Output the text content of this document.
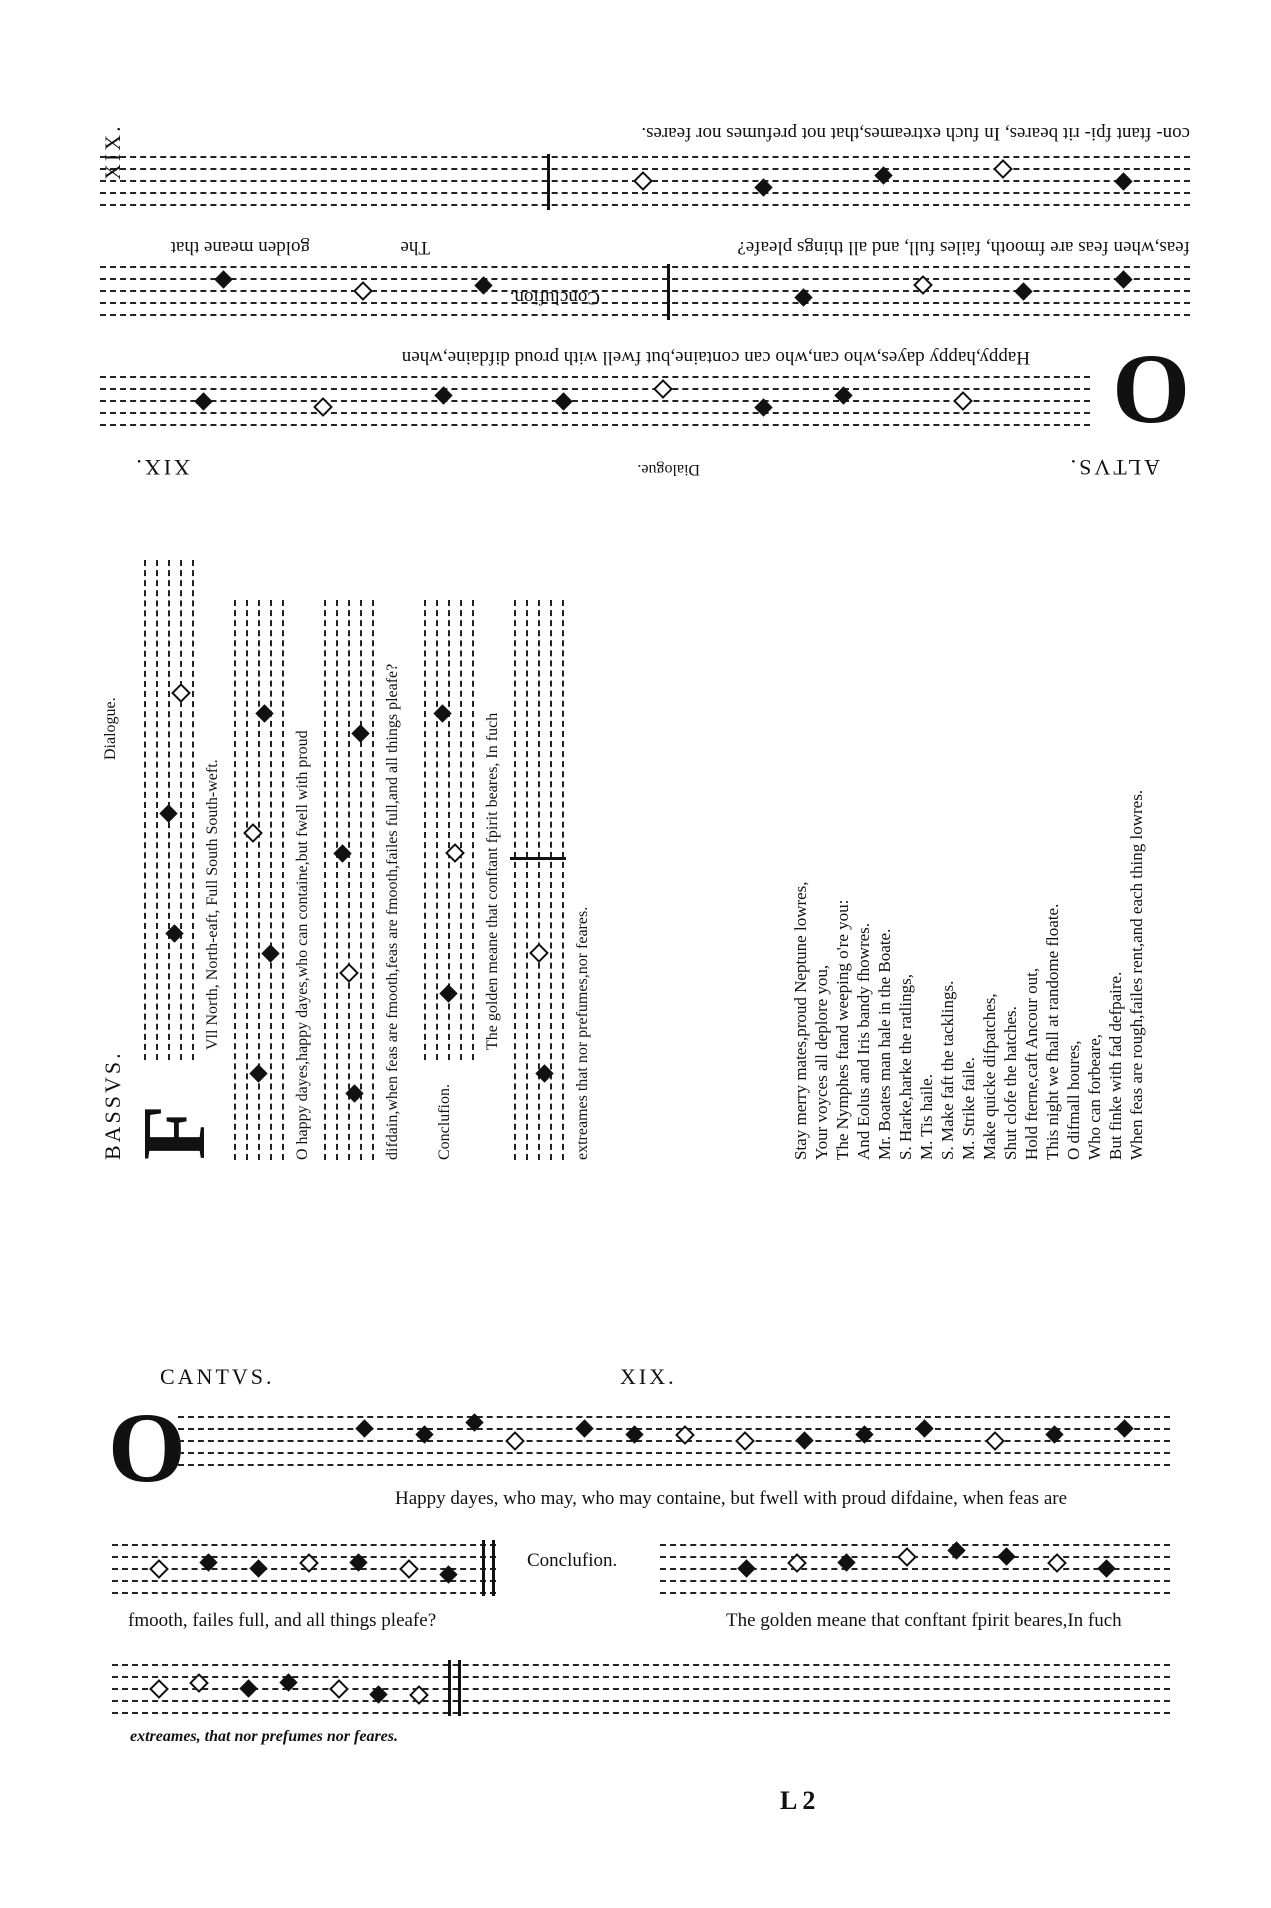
ALTVS.
Dialogue.
XIX.
O
Happy,happy dayes,who can,who can containe,but fwell with proud difdaine,when
feas,when feas are fmooth, failes full, and all things pleafe?
Conclufion.
The
golden meane that
con- ftant fpi- rit beares, In fuch extreames,that not prefumes nor feares.
BASSVS.
Dialogue.
XIX.
F
Vll North, North-eaft, Full South South-weft.	O happy dayes,happy dayes,who can containe,but fwell with proud	difdain,when feas are fmooth,feas are fmooth,failes full,and all things pleafe? Conclufion.
The golden meane that conftant fpirit beares, In fuch	extreames that nor prefumes,nor feares.	Stay merry mates,proud Neptune lowres, Your voyces all deplore you, The Nymphes ftand weeping o're you: And Eolus and Iris bandy fhowres. Mr. Boates man hale in the Boate. S. Harke,harke the ratlings, M. Tis haile. S. Make faft the tacklings. M. Strike faile. Make quicke difpatches, Shut clofe the hatches. Hold fterne,caft Ancour out, This night we fhall at randome floate. O difmall houres, Who can forbeare, But finke with fad defpaire. When feas are rough,failes rent,and each thing lowres.
CANTVS.	XIX.
O	Happy dayes, who may, who may containe, but fwell with proud difdaine, when feas are
Conclufion.
fmooth, failes full, and all things pleafe?	The golden meane that conftant fpirit beares,In fuch
extreames, that nor prefumes nor feares.
L 2
